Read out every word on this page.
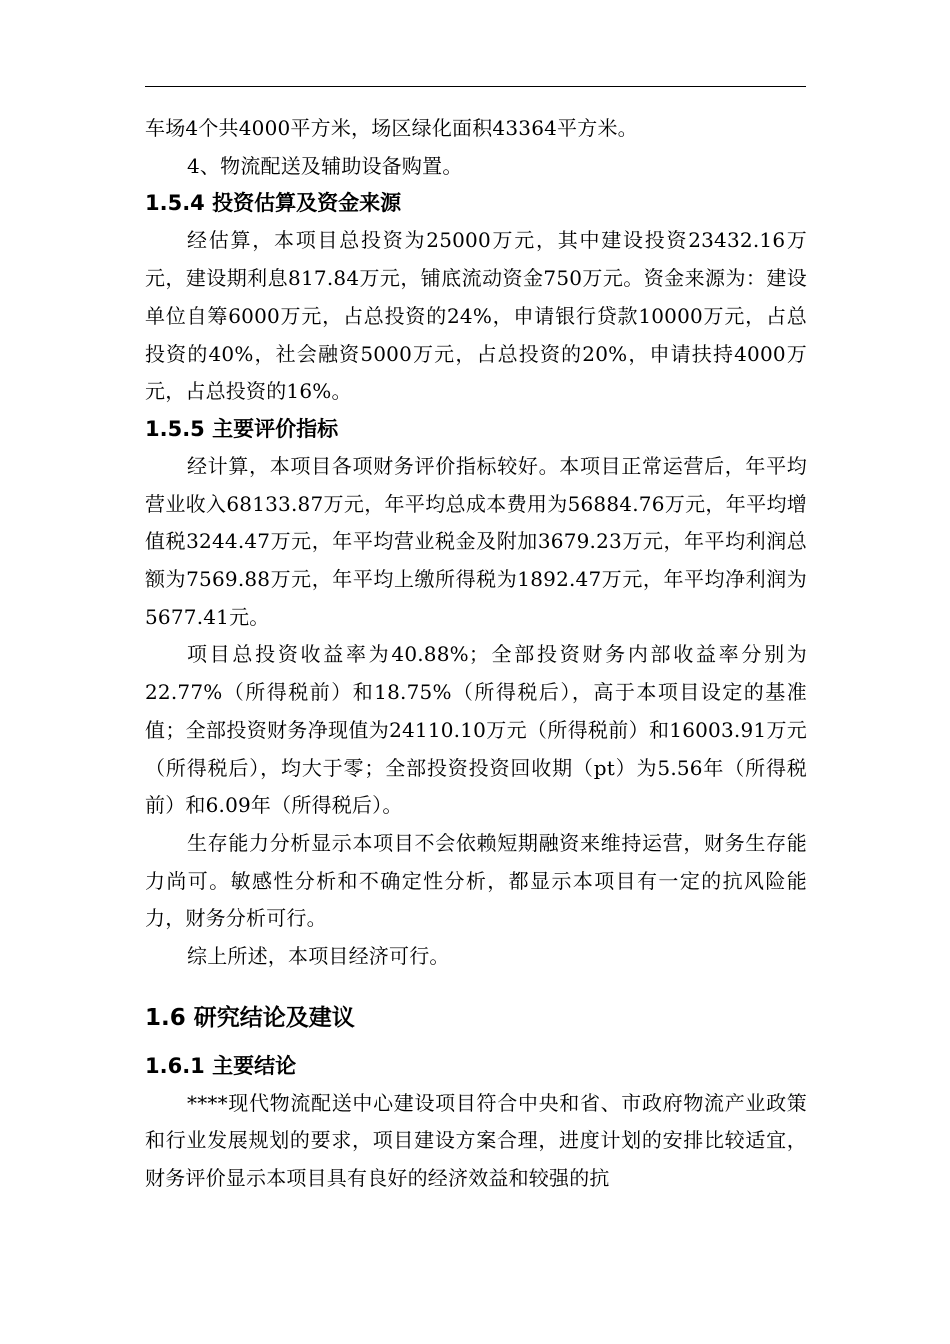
车场4个共4000平方米，场区绿化面积43364平方米。

4、物流配送及辅助设备购置。

1.5.4 投资估算及资金来源

经估算，本项目总投资为25000万元，其中建设投资23432.16万元，建设期利息817.84万元，铺底流动资金750万元。资金来源为：建设单位自筹6000万元，占总投资的24%，申请银行贷款10000万元，占总投资的40%，社会融资5000万元，占总投资的20%，申请扶持4000万元，占总投资的16%。

1.5.5 主要评价指标

经计算，本项目各项财务评价指标较好。本项目正常运营后，年平均营业收入68133.87万元，年平均总成本费用为56884.76万元，年平均增值税3244.47万元，年平均营业税金及附加3679.23万元，年平均利润总额为7569.88万元，年平均上缴所得税为1892.47万元，年平均净利润为5677.41元。

项目总投资收益率为40.88%；全部投资财务内部收益率分别为22.77%（所得税前）和18.75%（所得税后），高于本项目设定的基准值；全部投资财务净现值为24110.10万元（所得税前）和16003.91万元（所得税后），均大于零；全部投资投资回收期（pt）为5.56年（所得税前）和6.09年（所得税后）。

生存能力分析显示本项目不会依赖短期融资来维持运营，财务生存能力尚可。敏感性分析和不确定性分析，都显示本项目有一定的抗风险能力，财务分析可行。

综上所述，本项目经济可行。

1.6 研究结论及建议
1.6.1 主要结论

****现代物流配送中心建设项目符合中央和省、市政府物流产业政策和行业发展规划的要求，项目建设方案合理，进度计划的安排比较适宜，财务评价显示本项目具有良好的经济效益和较强的抗
